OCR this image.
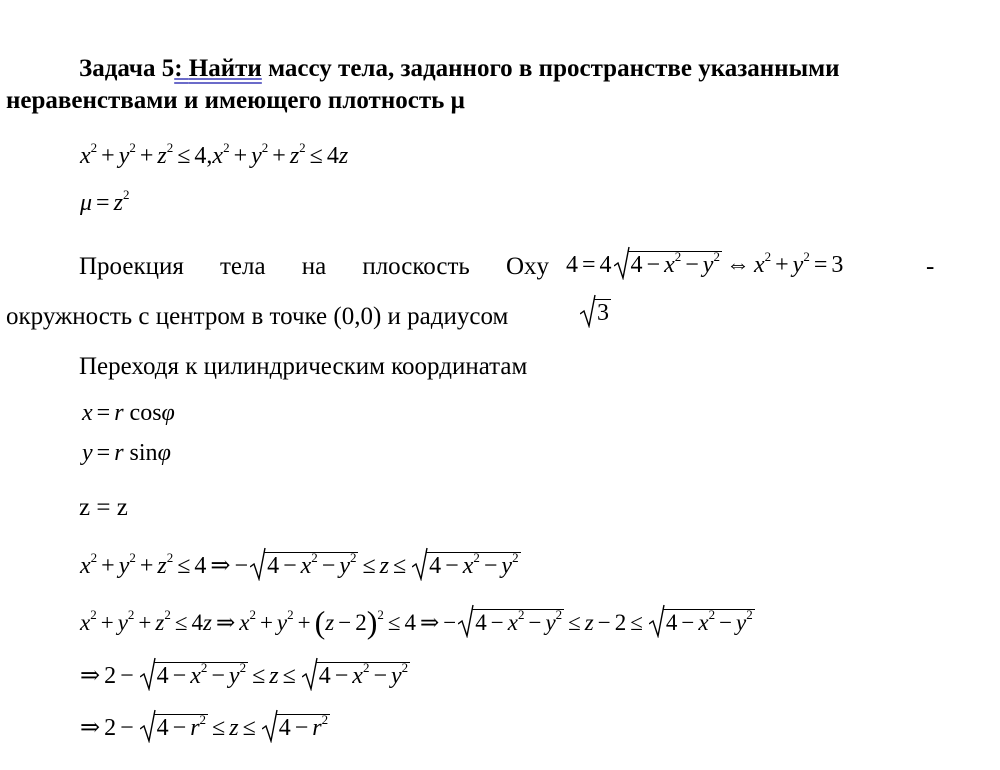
Задача 5: Найти массу тела, заданного в пространстве указанными
неравенствами и имеющего плотность μ
$x^2 + y^2 + z^2 \le 4,x^2 + y^2 + z^2 \le 4z$
$\mu = z^2$
Проекция тела на плоскость Oxy 4 = 4 $4 - x^2 - y^2$ ⇔ $x^2 + y^2 = 3$	-
окружность с центром в точке (0,0) и радиусом	3
Переходя к цилиндрическим координатам
x = r cosφ
y = r sinφ
z = z
$x^2 + y^2 + z^2 \le 4$ ⇒ − $4 - x^2 - y^2 \le z \le 4 - x^2 - y^2$
$x^2 + y^2 + z^2 \le 4z$ ⇒ $x^2 + y^2 + (z - 2)^2 \le 4$ ⇒ − $4 - x^2 - y^2 \le z - 2 \le 4 - x^2 - y^2$
⇒ $2 - 4 - x^2 - y^2 \le z \le 4 - x^2 - y^2$
⇒ $2 - 4 - r^2 \le z \le 4 - r^2$
